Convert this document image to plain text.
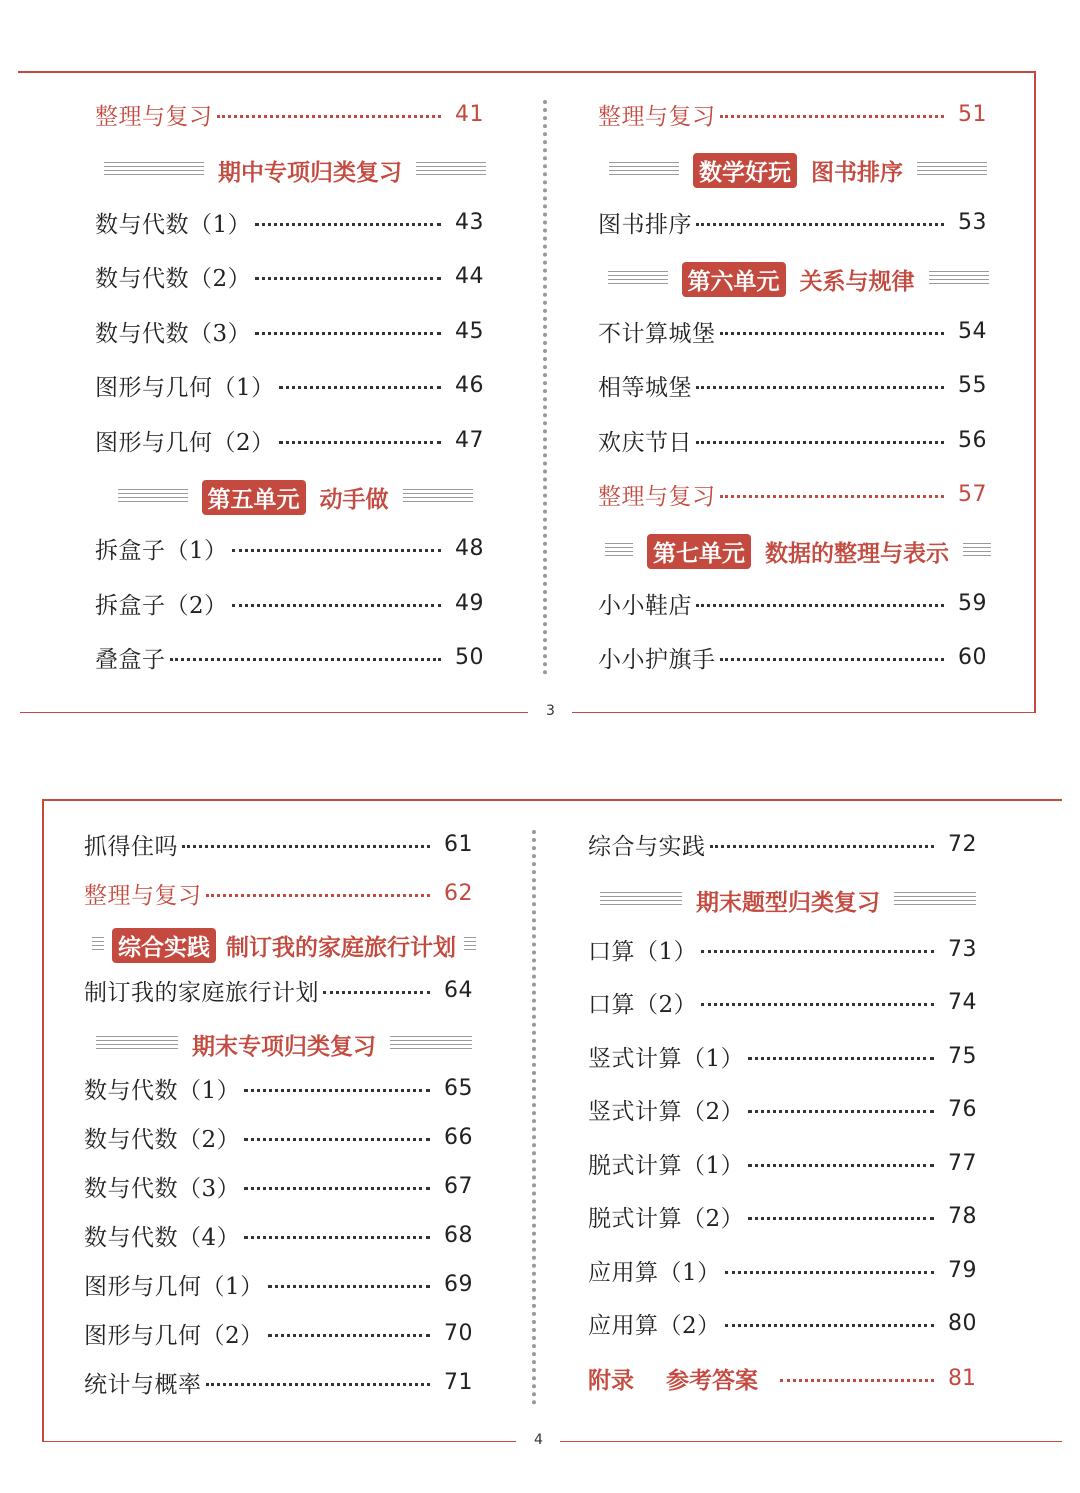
3
整理与复习	41
期中专项归类复习
数与代数（1）	43
数与代数（2）	44
数与代数（3）	45
图形与几何（1）	46
图形与几何（2）	47
第五单元 动手做
拆盒子（1）	48
拆盒子（2）	49
叠盒子	50
整理与复习	51
数学好玩 图书排序
图书排序	53
第六单元 关系与规律
不计算城堡	54
相等城堡	55
欢庆节日	56
整理与复习	57
第七单元 数据的整理与表示
小小鞋店	59
小小护旗手	60
4
抓得住吗	61
整理与复习	62
综合实践 制订我的家庭旅行计划
制订我的家庭旅行计划	64
期末专项归类复习
数与代数（1）	65
数与代数（2）	66
数与代数（3）	67
数与代数（4）	68
图形与几何（1）	69
图形与几何（2）	70
统计与概率	71
综合与实践	72
期末题型归类复习
口算（1）	73
口算（2）	74
竖式计算（1）	75
竖式计算（2）	76
脱式计算（1）	77
脱式计算（2）	78
应用算（1）	79
应用算（2）	80
附录 参考答案	81
